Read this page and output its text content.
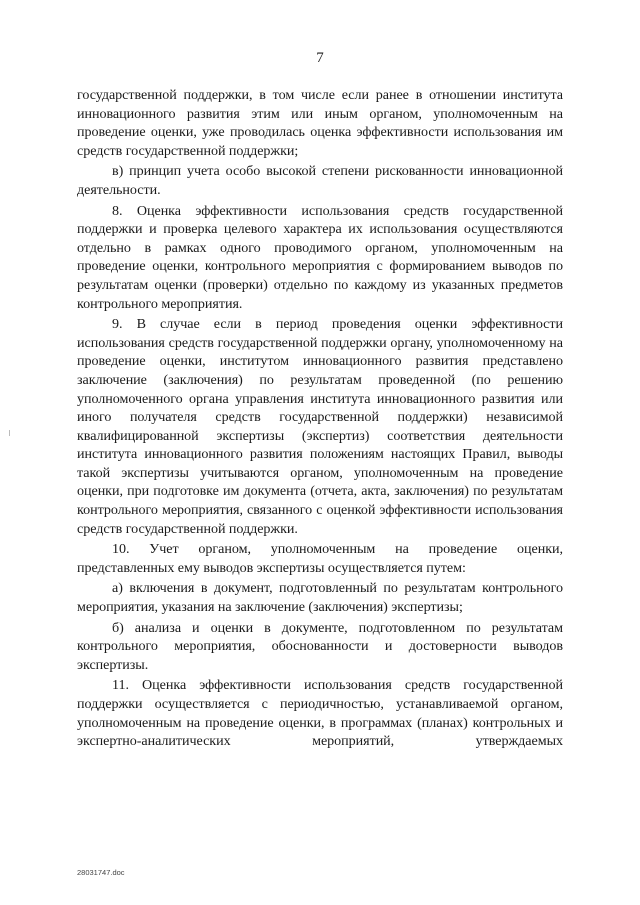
7

государственной поддержки, в том числе если ранее в отношении института инновационного развития этим или иным органом, уполномоченным на проведение оценки, уже проводилась оценка эффективности использования им средств государственной поддержки;

в) принцип учета особо высокой степени рискованности инновационной деятельности.

8. Оценка эффективности использования средств государственной поддержки и проверка целевого характера их использования осуществляются отдельно в рамках одного проводимого органом, уполномоченным на проведение оценки, контрольного мероприятия с формированием выводов по результатам оценки (проверки) отдельно по каждому из указанных предметов контрольного мероприятия.

9. В случае если в период проведения оценки эффективности использования средств государственной поддержки органу, уполномоченному на проведение оценки, институтом инновационного развития представлено заключение (заключения) по результатам проведенной (по решению уполномоченного органа управления института инновационного развития или иного получателя средств государственной поддержки) независимой квалифицированной экспертизы (экспертиз) соответствия деятельности института инновационного развития положениям настоящих Правил, выводы такой экспертизы учитываются органом, уполномоченным на проведение оценки, при подготовке им документа (отчета, акта, заключения) по результатам контрольного мероприятия, связанного с оценкой эффективности использования средств государственной поддержки.

10. Учет органом, уполномоченным на проведение оценки, представленных ему выводов экспертизы осуществляется путем:

а) включения в документ, подготовленный по результатам контрольного мероприятия, указания на заключение (заключения) экспертизы;

б) анализа и оценки в документе, подготовленном по результатам контрольного мероприятия, обоснованности и достоверности выводов экспертизы.

11. Оценка эффективности использования средств государственной поддержки осуществляется с периодичностью, устанавливаемой органом, уполномоченным на проведение оценки, в программах (планах) контрольных и экспертно-аналитических мероприятий, утверждаемых

28031747.doc
